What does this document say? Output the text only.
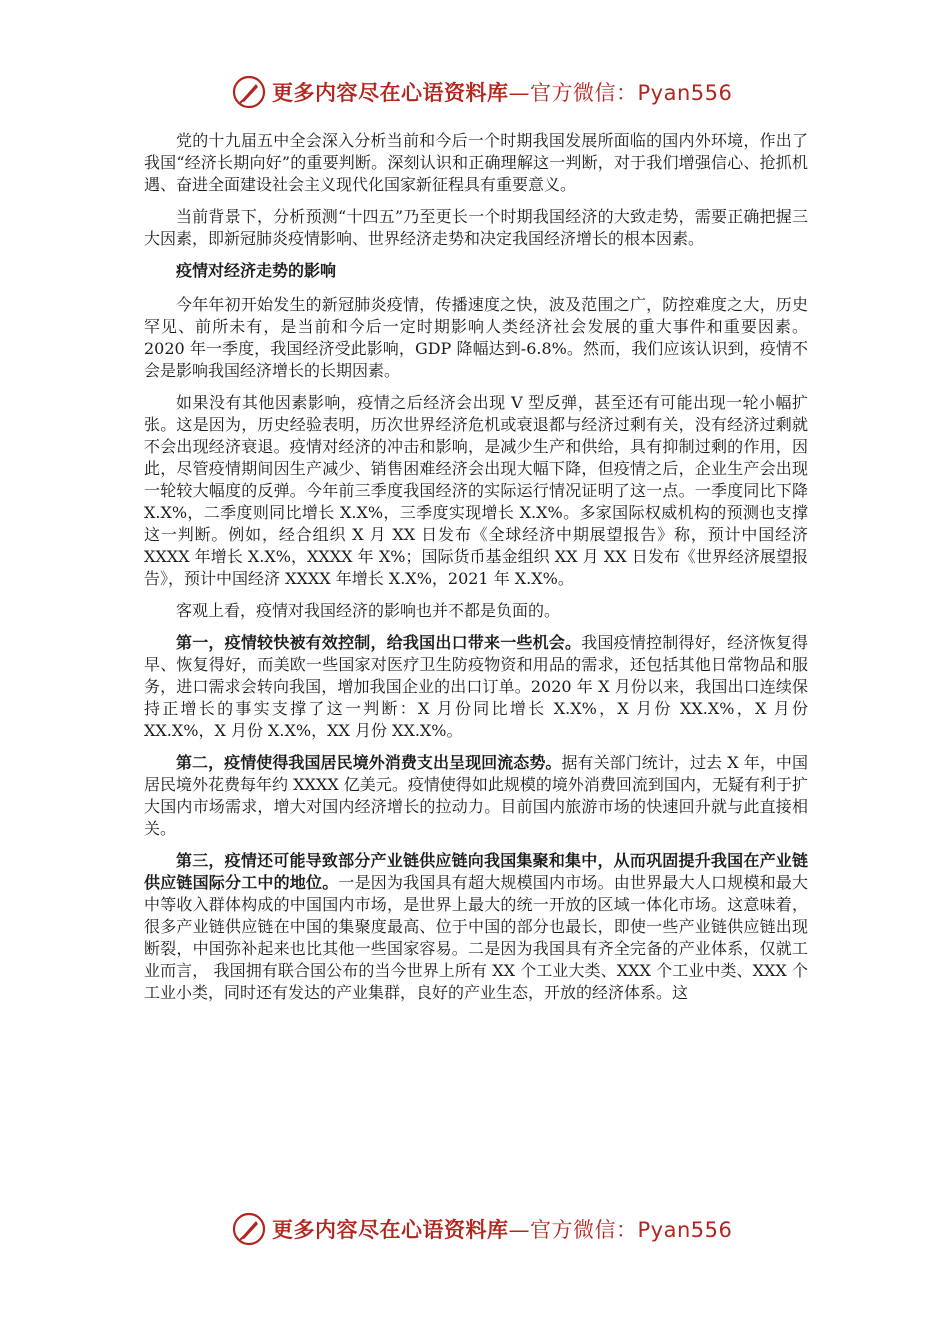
更多内容尽在心语资料库—官方微信：Pyan556

党的十九届五中全会深入分析当前和今后一个时期我国发展所面临的国内外环境，作出了我国“经济长期向好”的重要判断。深刻认识和正确理解这一判断，对于我们增强信心、抢抓机遇、奋进全面建设社会主义现代化国家新征程具有重要意义。

当前背景下，分析预测“十四五”乃至更长一个时期我国经济的大致走势，需要正确把握三大因素，即新冠肺炎疫情影响、世界经济走势和决定我国经济增长的根本因素。

疫情对经济走势的影响

今年年初开始发生的新冠肺炎疫情，传播速度之快，波及范围之广，防控难度之大，历史罕见、前所未有，是当前和今后一定时期影响人类经济社会发展的重大事件和重要因素。2020 年一季度，我国经济受此影响，GDP 降幅达到-6.8%。然而，我们应该认识到，疫情不会是影响我国经济增长的长期因素。

如果没有其他因素影响，疫情之后经济会出现 V 型反弹，甚至还有可能出现一轮小幅扩张。这是因为，历史经验表明，历次世界经济危机或衰退都与经济过剩有关，没有经济过剩就不会出现经济衰退。疫情对经济的冲击和影响，是减少生产和供给，具有抑制过剩的作用，因此，尽管疫情期间因生产减少、销售困难经济会出现大幅下降，但疫情之后，企业生产会出现一轮较大幅度的反弹。今年前三季度我国经济的实际运行情况证明了这一点。一季度同比下降 X.X%，二季度则同比增长 X.X%，三季度实现增长 X.X%。多家国际权威机构的预测也支撑这一判断。例如，经合组织 X 月 XX 日发布《全球经济中期展望报告》称，预计中国经济 XXXX 年增长 X.X%，XXXX 年 X%；国际货币基金组织 XX 月 XX 日发布《世界经济展望报告》，预计中国经济 XXXX 年增长 X.X%，2021 年 X.X%。

客观上看，疫情对我国经济的影响也并不都是负面的。

第一，疫情较快被有效控制，给我国出口带来一些机会。我国疫情控制得好，经济恢复得早、恢复得好，而美欧一些国家对医疗卫生防疫物资和用品的需求，还包括其他日常物品和服务，进口需求会转向我国，增加我国企业的出口订单。2020 年 X 月份以来，我国出口连续保持正增长的事实支撑了这一判断：X 月份同比增长 X.X%，X 月份 XX.X%，X 月份 XX.X%，X 月份 X.X%，XX 月份 XX.X%。

第二，疫情使得我国居民境外消费支出呈现回流态势。据有关部门统计，过去 X 年，中国居民境外花费每年约 XXXX 亿美元。疫情使得如此规模的境外消费回流到国内，无疑有利于扩大国内市场需求，增大对国内经济增长的拉动力。目前国内旅游市场的快速回升就与此直接相关。

第三，疫情还可能导致部分产业链供应链向我国集聚和集中，从而巩固提升我国在产业链供应链国际分工中的地位。一是因为我国具有超大规模国内市场。由世界最大人口规模和最大中等收入群体构成的中国国内市场，是世界上最大的统一开放的区域一体化市场。这意味着，很多产业链供应链在中国的集聚度最高、位于中国的部分也最长，即使一些产业链供应链出现断裂，中国弥补起来也比其他一些国家容易。二是因为我国具有齐全完备的产业体系，仅就工业而言， 我国拥有联合国公布的当今世界上所有 XX 个工业大类、XXX 个工业中类、XXX 个工业小类，同时还有发达的产业集群，良好的产业生态，开放的经济体系。这

更多内容尽在心语资料库—官方微信：Pyan556
